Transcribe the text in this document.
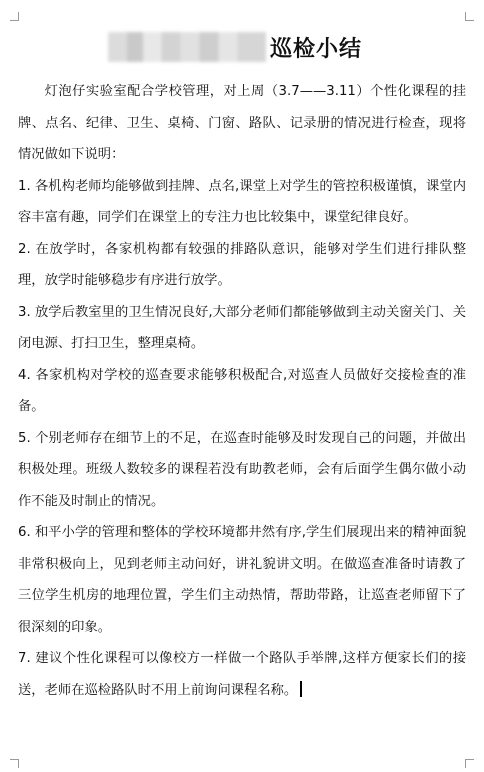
巡检小结

灯泡仔实验室配合学校管理，对上周（3.7——3.11）个性化课程的挂牌、点名、纪律、卫生、桌椅、门窗、路队、记录册的情况进行检查，现将情况做如下说明：

1. 各机构老师均能够做到挂牌、点名,课堂上对学生的管控积极谨慎，课堂内容丰富有趣，同学们在课堂上的专注力也比较集中，课堂纪律良好。

2. 在放学时，各家机构都有较强的排路队意识，能够对学生们进行排队整理，放学时能够稳步有序进行放学。

3. 放学后教室里的卫生情况良好,大部分老师们都能够做到主动关窗关门、关闭电源、打扫卫生，整理桌椅。

4. 各家机构对学校的巡查要求能够积极配合,对巡查人员做好交接检查的准备。

5. 个别老师存在细节上的不足，在巡查时能够及时发现自己的问题，并做出积极处理。班级人数较多的课程若没有助教老师，会有后面学生偶尔做小动作不能及时制止的情况。

6. 和平小学的管理和整体的学校环境都井然有序,学生们展现出来的精神面貌非常积极向上，见到老师主动问好，讲礼貌讲文明。在做巡查准备时请教了三位学生机房的地理位置，学生们主动热情，帮助带路，让巡查老师留下了很深刻的印象。

7. 建议个性化课程可以像校方一样做一个路队手举牌,这样方便家长们的接送，老师在巡检路队时不用上前询问课程名称。
